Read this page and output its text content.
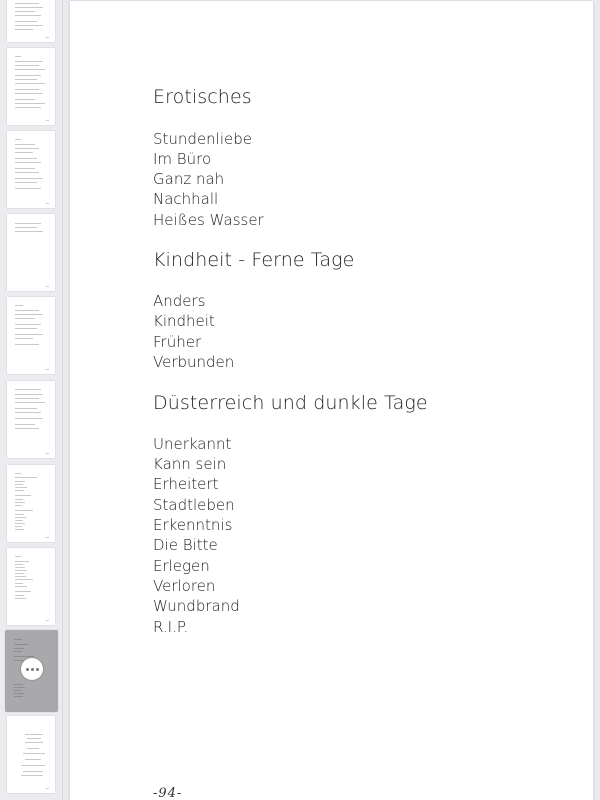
Erotisches
Stundenliebe
Im Büro
Ganz nah
Nachhall
Heißes Wasser
Kindheit - Ferne Tage
Anders
Kindheit
Früher
Verbunden
Düsterreich und dunkle Tage
Unerkannt
Kann sein
Erheitert
Stadtleben
Erkenntnis
Die Bitte
Erlegen
Verloren
Wundbrand
R.I.P.
-94-
